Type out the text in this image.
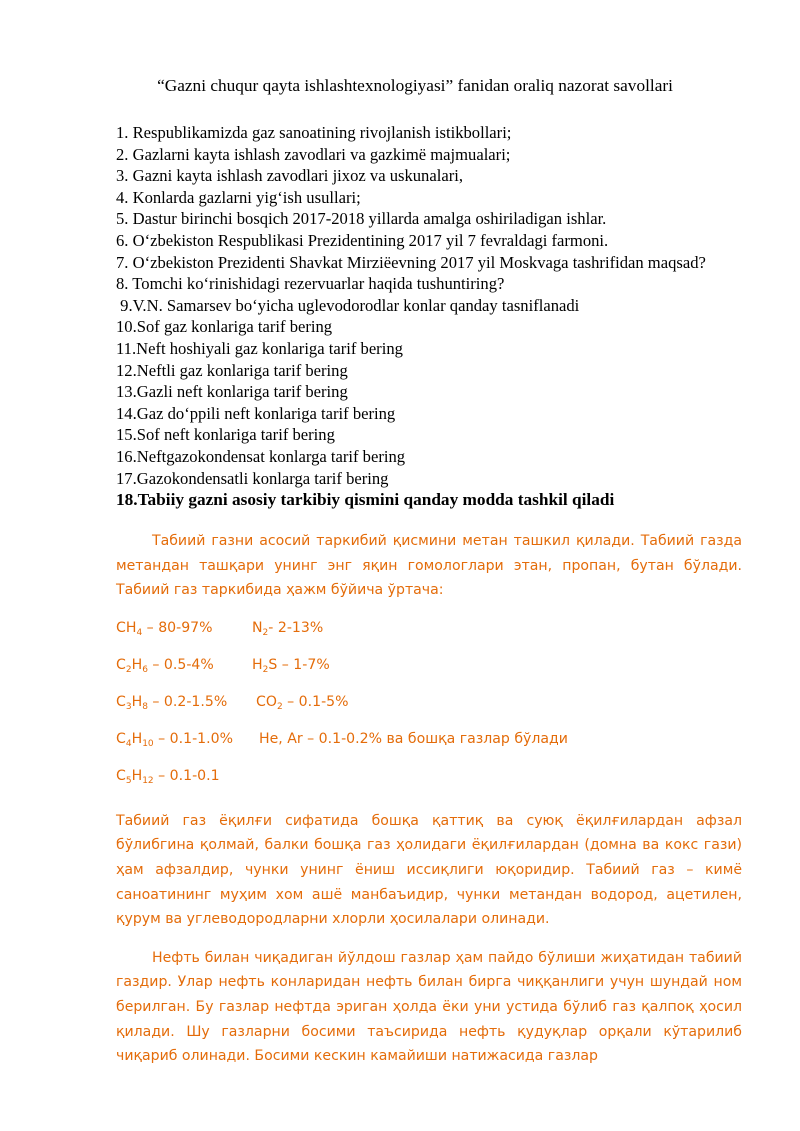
“Gazni chuqur qayta ishlashtexnologiyasi” fanidan oraliq nazorat savollari
1. Respublikamizda gaz sanoatining rivojlanish istikbollari;
2. Gazlarni kayta ishlash zavodlari va gazkimё majmualari;
3. Gazni kayta ishlash zavodlari jixoz va uskunalari,
4. Konlarda gazlarni yig‘ish usullari;
5. Dastur birinchi bosqich 2017-2018 yillarda amalga oshiriladigan ishlar.
6. O‘zbekiston Respublikasi Prezidentining 2017 yil 7 fevraldagi farmoni.
7. O‘zbekiston Prezidenti Shavkat Mirziёevning 2017 yil Moskvaga tashrifidan maqsad?
8. Tomchi ko‘rinishidagi rezervuarlar haqida tushuntiring?
9.V.N. Samarsev bo‘yicha uglevodorodlar konlar qanday tasniflanadi
10.Sof gaz konlariga tarif bering
11.Neft hoshiyali gaz konlariga tarif bering
12.Neftli gaz konlariga tarif bering
13.Gazli neft konlariga tarif bering
14.Gaz do‘ppili neft konlariga tarif bering
15.Sof neft konlariga tarif bering
16.Neftgazokondensat konlarga tarif bering
17.Gazokondensatli konlarga tarif bering
18.Tabiiy gazni asosiy tarkibiy qismini qanday modda tashkil qiladi

Табиий газни асосий таркибий қисмини метан ташкил қилади. Табиий газда метандан ташқари унинг энг яқин гомологлари этан, пропан, бутан бўлади. Табиий газ таркибида ҳажм бўйича ўртача:

$CH_4 - 80-97\%$	$N_2-$ 2-13%
$C_2H_6 - 0.5-4\%$	$H_2S - 1-7\%$
$C_3H_8 - 0.2-1.5\%$ $CO_2 - 0.1-5\%$
$C_4H_{10} - 0.1-1.0\%$ He, Ar – 0.1-0.2% ва бошқа газлар бўлади
$C_5H_{12} - 0.1-0.1$

Табиий газ ёқилғи сифатида бошқа қаттиқ ва суюқ ёқилғилардан афзал бўлибгина қолмай, балки бошқа газ ҳолидаги ёқилғилардан (домна ва кокс гази) ҳам афзалдир, чунки унинг ёниш иссиқлиги юқоридир. Табиий газ – кимё саноатининг муҳим хом ашё манбаъидир, чунки метандан водород, ацетилен, қурум ва углеводородларни хлорли ҳосилалари олинади.

Нефть билан чиқадиган йўлдош газлар ҳам пайдо бўлиши жиҳатидан табиий газдир. Улар нефть конларидан нефть билан бирга чиққанлиги учун шундай ном берилган. Бу газлар нефтда эриган ҳолда ёки уни устида бўлиб газ қалпоқ ҳосил қилади. Шу газларни босими таъсирида нефть қудуқлар орқали кўтарилиб чиқариб олинади. Босими кескин камайиши натижасида газлар
